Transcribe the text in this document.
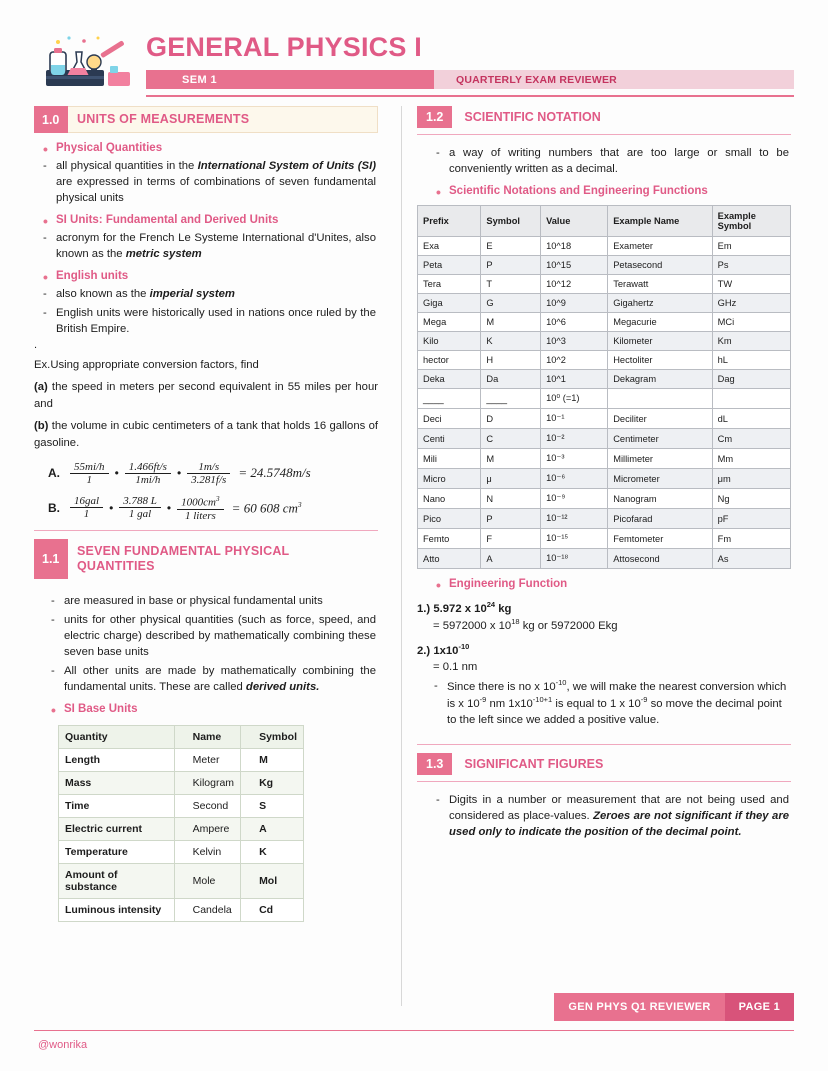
GENERAL PHYSICS I
SEM 1	QUARTERLY EXAM REVIEWER
1.0	UNITS OF MEASUREMENTS
• Physical Quantities
- all physical quantities in the International System of Units (SI) are expressed in terms of combinations of seven fundamental physical units
• SI Units: Fundamental and Derived Units
- acronym for the French Le Systeme International d'Unites, also known as the metric system
• English units
- also known as the imperial system
- English units were historically used in nations once ruled by the British Empire.
.
Ex.Using appropriate conversion factors, find
(a) the speed in meters per second equivalent in 55 miles per hour and
(b) the volume in cubic centimeters of a tank that holds 16 gallons of gasoline.
A. $\frac{55mi/h}{1}$ • $\frac{1.466ft/s}{1mi/h}$ • $\frac{1m/s}{3.281f/s} = 24.5748m/s$
B. $\frac{\text{16gal}}{1}$ • $\frac{3.788 L}{\text{1 gal}}$ • $\frac{1000cm^3}{\text{1 liters}} = 60$ 608 $cm^3$
1.1
SEVEN FUNDAMENTAL PHYSICAL QUANTITIES
- are measured in base or physical fundamental units
- units for other physical quantities (such as force, speed, and electric charge) described by mathematically combining these seven base units
- All other units are made by mathematically combining the fundamental units. These are called derived units.
• SI Base Units
Quantity	Name	Symbol
Length	Meter	M
Mass	Kilogram	Kg
Time	Second	S
Electric current	Ampere	A
Temperature	Kelvin	K
Amount of substance	Mole	Mol
Luminous intensity	Candela	Cd
1.2	SCIENTIFIC NOTATION
- a way of writing numbers that are too large or small to be conveniently written as a decimal.
• Scientific Notations and Engineering Functions
Prefix	Symbol	Value	Example Name	Example Symbol
Exa	E	10^18	Exameter	Em
Peta	P	10^15	Petasecond	Ps
Tera	T	10^12	Terawatt	TW
Giga	G	10^9	Gigahertz	GHz
Mega	M	10^6	Megacurie	MCi
Kilo	K	10^3	Kilometer	Km
hector	H	10^2	Hectoliter	hL
Deka	Da	10^1	Dekagram	Dag
____	____	10⁰ (=1)		
Deci	D	10⁻¹	Deciliter	dL
Centi	C	10⁻²	Centimeter	Cm
Mili	M	10⁻³	Millimeter	Mm
Micro	μ	10⁻⁶	Micrometer	μm
Nano	N	10⁻⁹	Nanogram	Ng
Pico	P	10⁻¹²	Picofarad	pF
Femto	F	10⁻¹⁵	Femtometer	Fm
Atto	A	10⁻¹⁸	Attosecond	As
• Engineering Function
1.) 5.972 x $10^{24}$ kg
= 5972000 x $10^{18}$ kg or 5972000 Ekg
2.) $1x10^{-10}$
= 0.1 nm
- Since there is no x $10^{-10}$, we will make the nearest conversion which is x $10^{-9}$ nm $1x10^{-10+1}$ is equal to 1 x $10^{-9}$ so move the decimal point to the left since we added a positive value.
1.3	SIGNIFICANT FIGURES
- Digits in a number or measurement that are not being used and considered as place-values. Zeroes are not significant if they are used only to indicate the position of the decimal point.
GEN PHYS Q1 REVIEWER	PAGE 1
@wonrika
